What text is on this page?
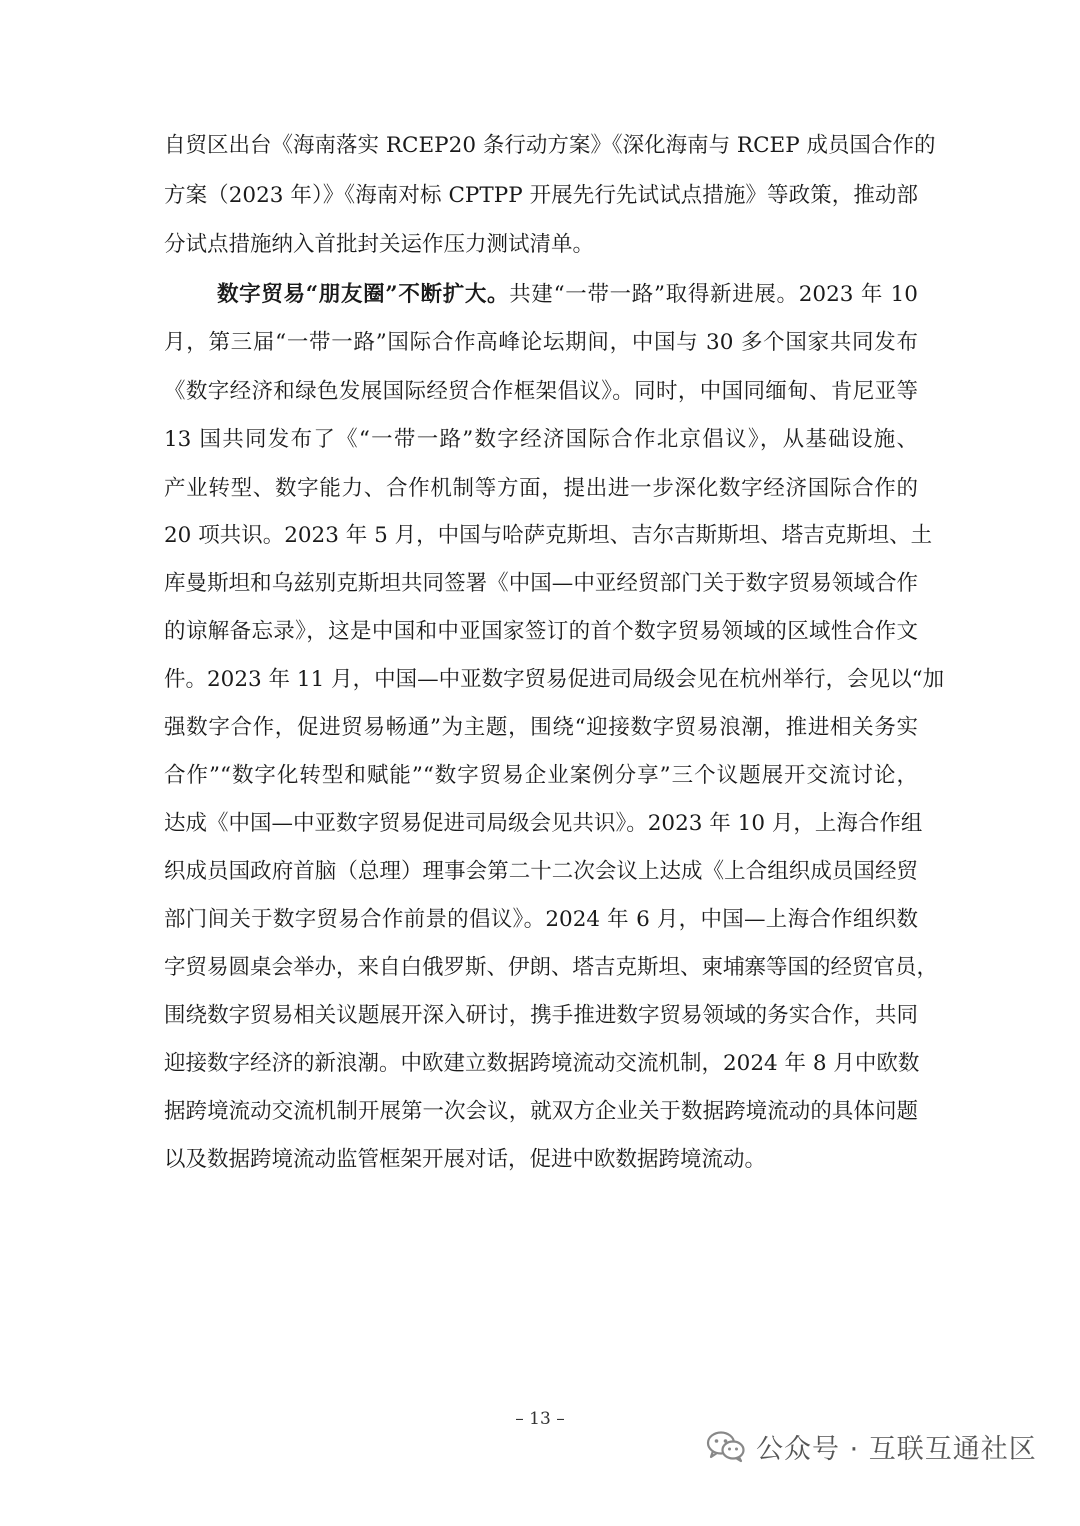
自贸区出台《海南落实 RCEP20 条行动方案》《深化海南与 RCEP 成员国合作的
方案（2023 年）》《海南对标 CPTPP 开展先行先试试点措施》等政策，推动部
分试点措施纳入首批封关运作压力测试清单。
数字贸易“朋友圈”不断扩大。共建“一带一路”取得新进展。2023 年 10
月，第三届“一带一路”国际合作高峰论坛期间，中国与 30 多个国家共同发布
《数字经济和绿色发展国际经贸合作框架倡议》。同时，中国同缅甸、肯尼亚等
13 国共同发布了《“一带一路”数字经济国际合作北京倡议》，从基础设施、
产业转型、数字能力、合作机制等方面，提出进一步深化数字经济国际合作的
20 项共识。2023 年 5 月，中国与哈萨克斯坦、吉尔吉斯斯坦、塔吉克斯坦、土
库曼斯坦和乌兹别克斯坦共同签署《中国—中亚经贸部门关于数字贸易领域合作
的谅解备忘录》，这是中国和中亚国家签订的首个数字贸易领域的区域性合作文
件。2023 年 11 月，中国—中亚数字贸易促进司局级会见在杭州举行，会见以“加
强数字合作，促进贸易畅通”为主题，围绕“迎接数字贸易浪潮，推进相关务实
合作”“数字化转型和赋能”“数字贸易企业案例分享”三个议题展开交流讨论，
达成《中国—中亚数字贸易促进司局级会见共识》。2023 年 10 月，上海合作组
织成员国政府首脑（总理）理事会第二十二次会议上达成《上合组织成员国经贸
部门间关于数字贸易合作前景的倡议》。2024 年 6 月，中国—上海合作组织数
字贸易圆桌会举办，来自白俄罗斯、伊朗、塔吉克斯坦、柬埔寨等国的经贸官员，
围绕数字贸易相关议题展开深入研讨，携手推进数字贸易领域的务实合作，共同
迎接数字经济的新浪潮。中欧建立数据跨境流动交流机制，2024 年 8 月中欧数
据跨境流动交流机制开展第一次会议，就双方企业关于数据跨境流动的具体问题
以及数据跨境流动监管框架开展对话，促进中欧数据跨境流动。
– 13 –
公众号 · 互联互通社区
